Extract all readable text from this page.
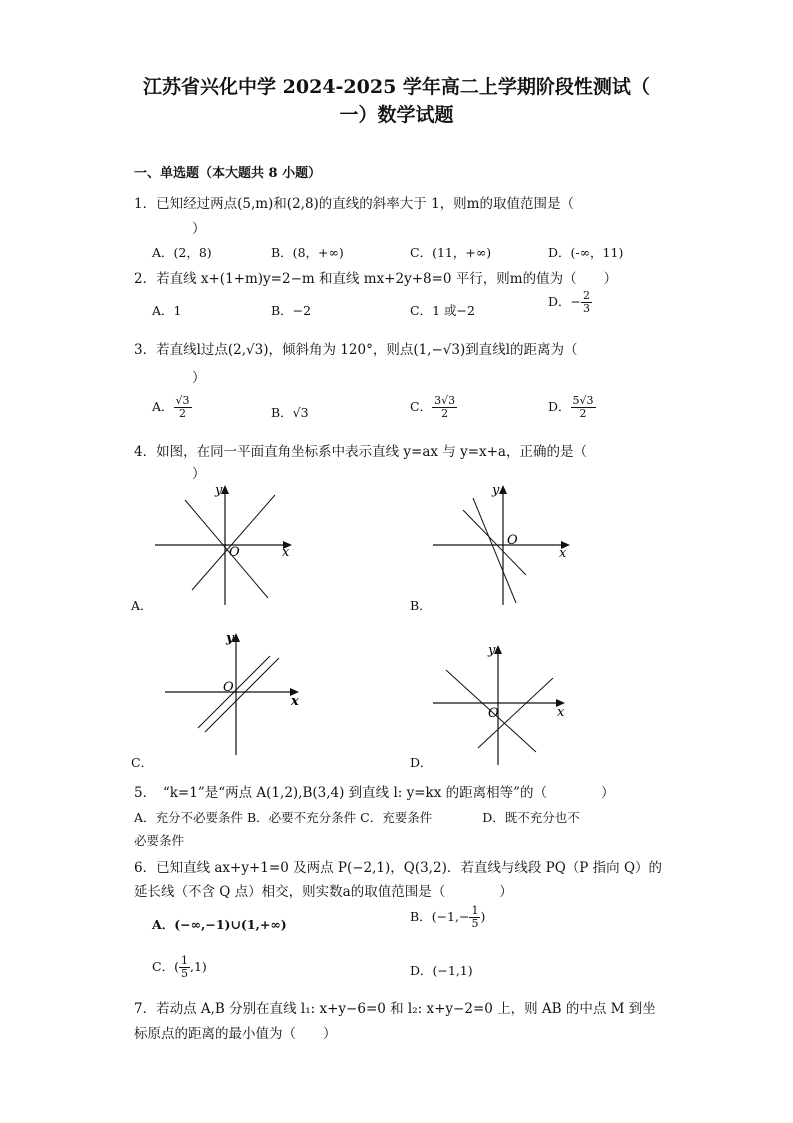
江苏省兴化中学 2024-2025 学年高二上学期阶段性测试（
一）数学试题
一、单选题（本大题共 8 小题）
1．已知经过两点(5,m)和(2,8)的直线的斜率大于 1，则m的取值范围是（
）
A．(2，8)	B．(8，+∞)	C．(11，+∞)	D．(-∞，11)
2．若直线 x+(1+m)y=2−m 和直线 mx+2y+8=0 平行，则m的值为（　　）
A．1	B．−2	C．1 或−2
D．− $\frac{2}{3}$
3．若直线l过点(2,√3)，倾斜角为 120°，则点(1,−√3)到直线l的距离为（
）
A． $\frac{√3}{2}$	B．√3	C． $\frac{3√3}{2}$	D． $\frac{5√3}{2}$
4．如图，在同一平面直角坐标系中表示直线 y=ax 与 y=x+a，正确的是（
）
O	x
y
A．
O
x
y
B．
O
x
y
C．
O	x
y
D．
5．　“k=1”是“两点 A(1,2),B(3,4) 到直线 l: y=kx 的距离相等”的（　　　　）
A．充分不必要条件 B．必要不充分条件 C．充要条件　　　　D．既不充分也不
必要条件
6．已知直线 ax+y+1=0 及两点 P(−2,1)，Q(3,2)．若直线与线段 PQ（P 指向 Q）的
延长线（不含 Q 点）相交，则实数a的取值范围是（　　　　）
A．(−∞,−1)∪(1,+∞)
B．($-1,- \frac{1}{5}$ )
C．( $\frac{1}{5} ,1$)	D．(−1,1)
7．若动点 A,B 分别在直线 l₁: x+y−6=0 和 l₂: x+y−2=0 上，则 AB 的中点 M 到坐
标原点的距离的最小值为（　　）
